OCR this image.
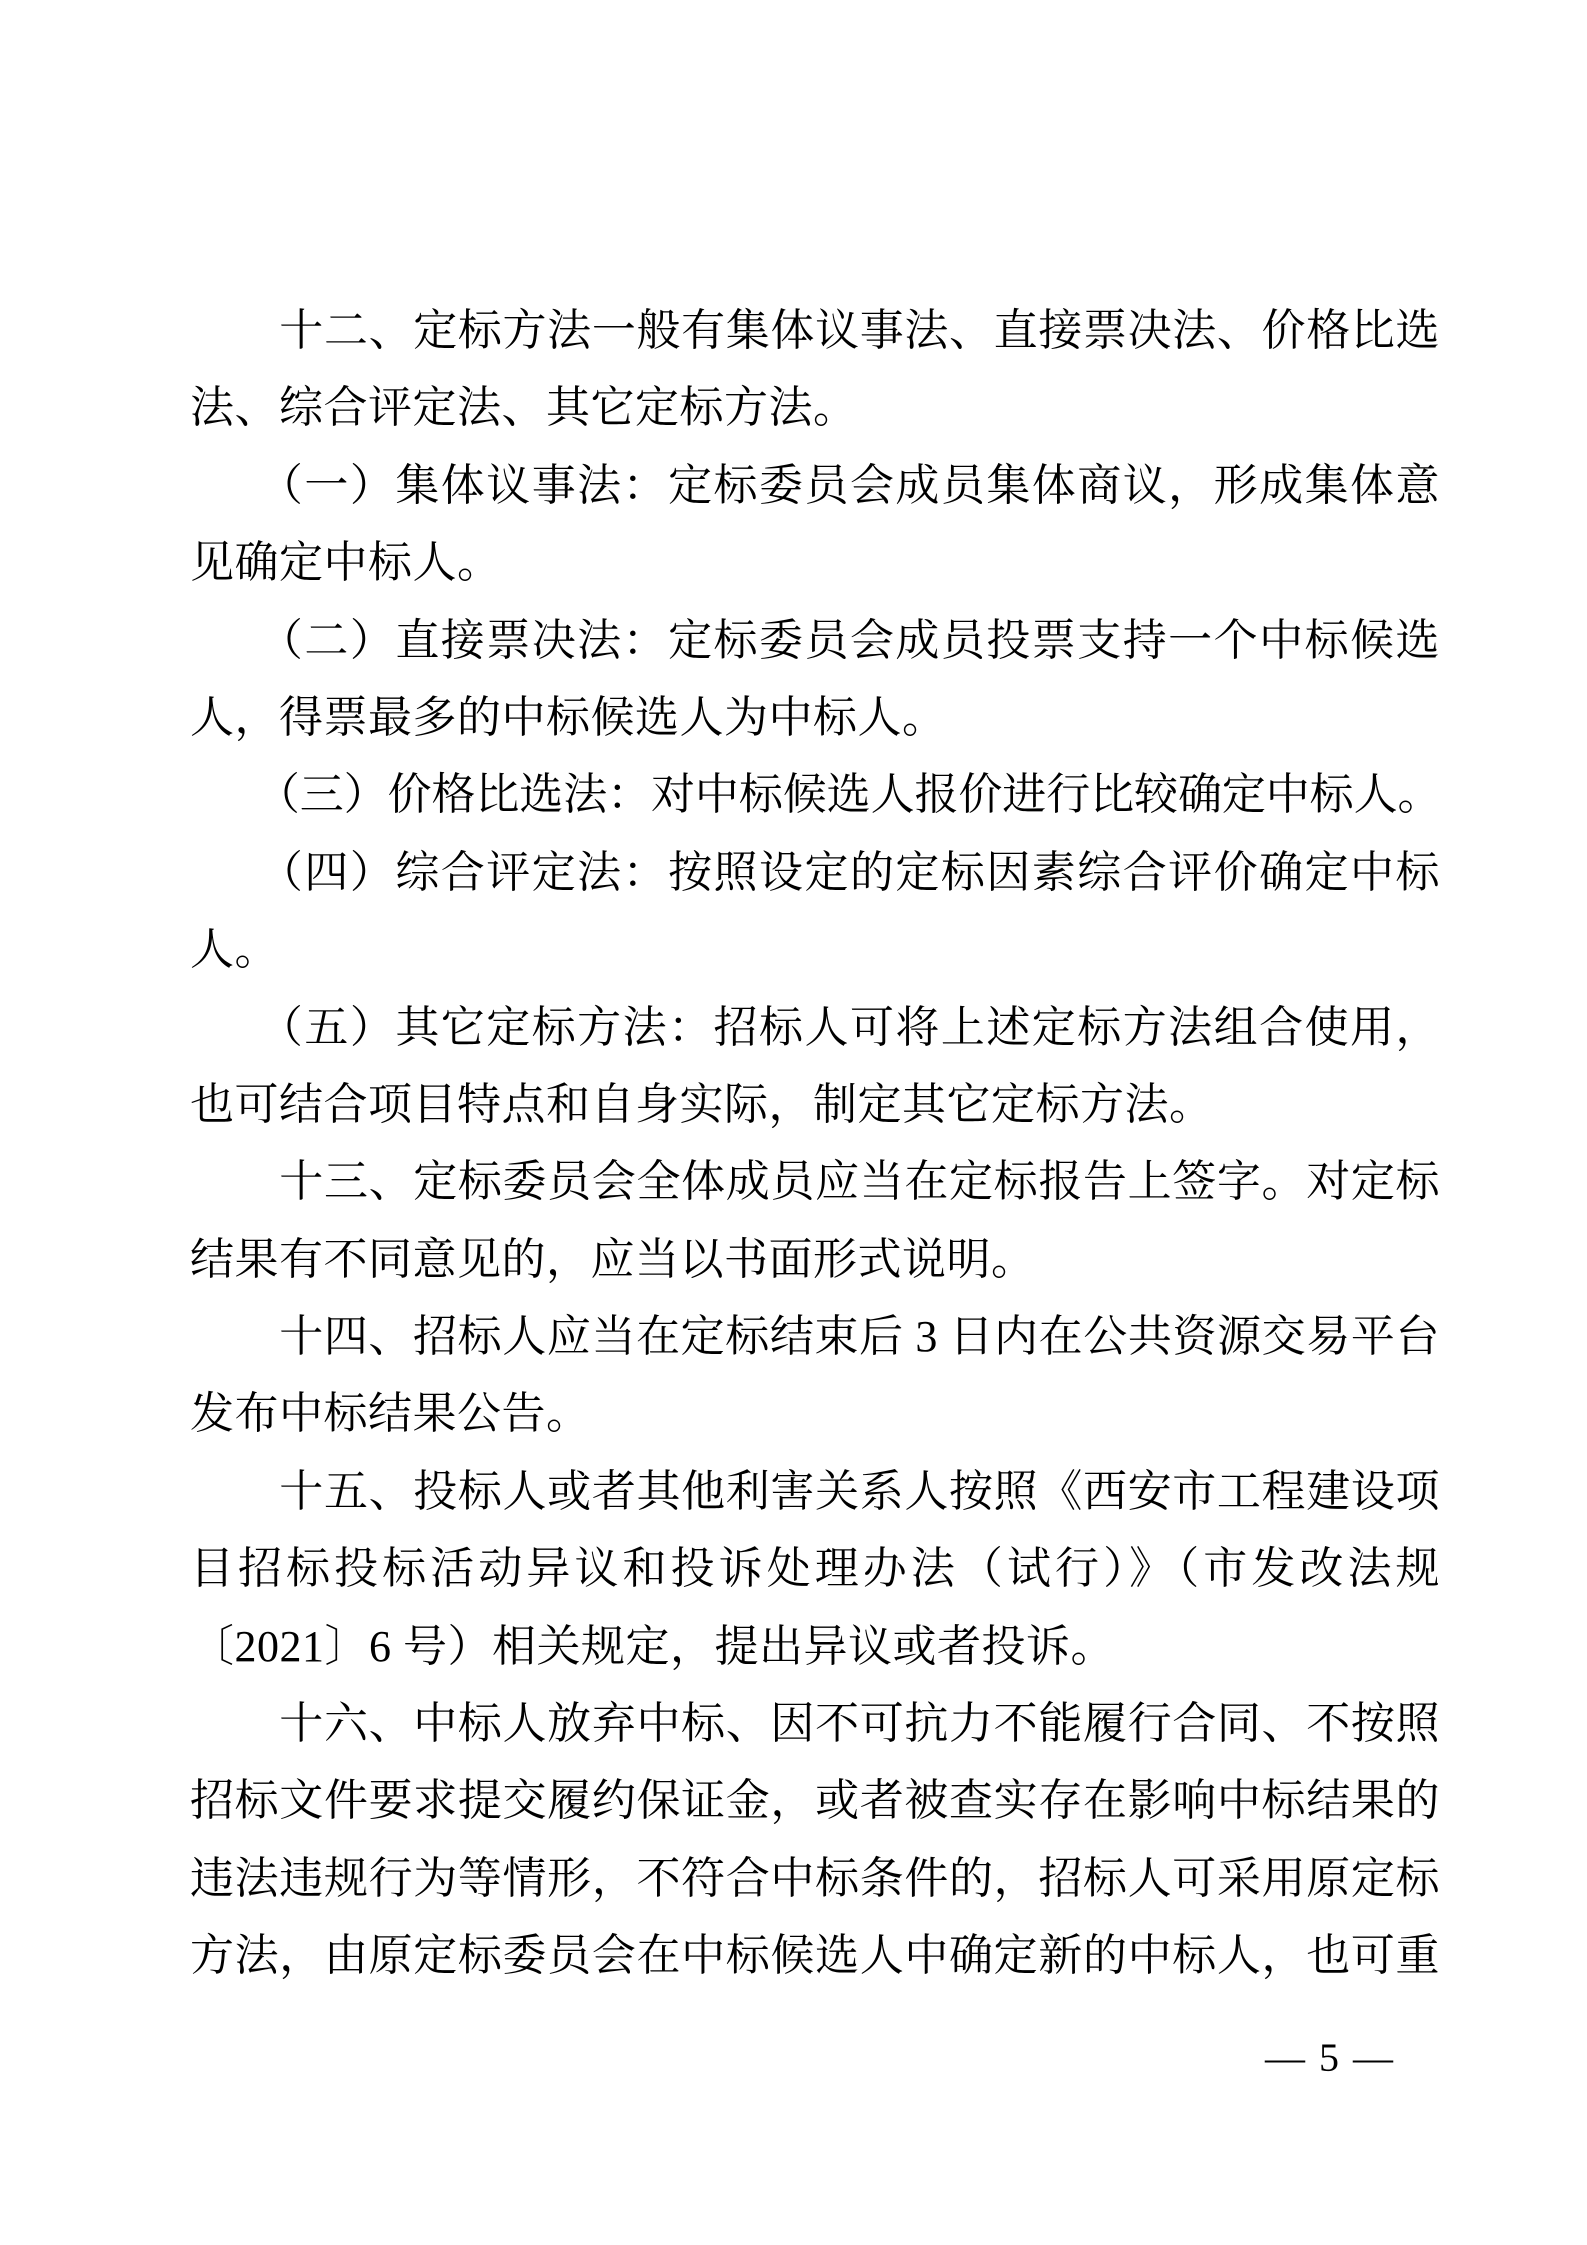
　　十二、定标方法一般有集体议事法、直接票决法、价格比选
法、综合评定法、其它定标方法。
　　（一）集体议事法：定标委员会成员集体商议，形成集体意
见确定中标人。
　　（二）直接票决法：定标委员会成员投票支持一个中标候选
人，得票最多的中标候选人为中标人。
　　（三）价格比选法：对中标候选人报价进行比较确定中标人。
　　（四）综合评定法：按照设定的定标因素综合评价确定中标
人。
　　（五）其它定标方法：招标人可将上述定标方法组合使用，
也可结合项目特点和自身实际，制定其它定标方法。
　　十三、定标委员会全体成员应当在定标报告上签字。对定标
结果有不同意见的，应当以书面形式说明。
　　十四、招标人应当在定标结束后 3 日内在公共资源交易平台
发布中标结果公告。
　　十五、投标人或者其他利害关系人按照《西安市工程建设项
目招标投标活动异议和投诉处理办法（试行）》（市发改法规
〔2021〕6 号）相关规定，提出异议或者投诉。
　　十六、中标人放弃中标、因不可抗力不能履行合同、不按照
招标文件要求提交履约保证金，或者被查实存在影响中标结果的
违法违规行为等情形，不符合中标条件的，招标人可采用原定标
方法，由原定标委员会在中标候选人中确定新的中标人，也可重
— 5 —
